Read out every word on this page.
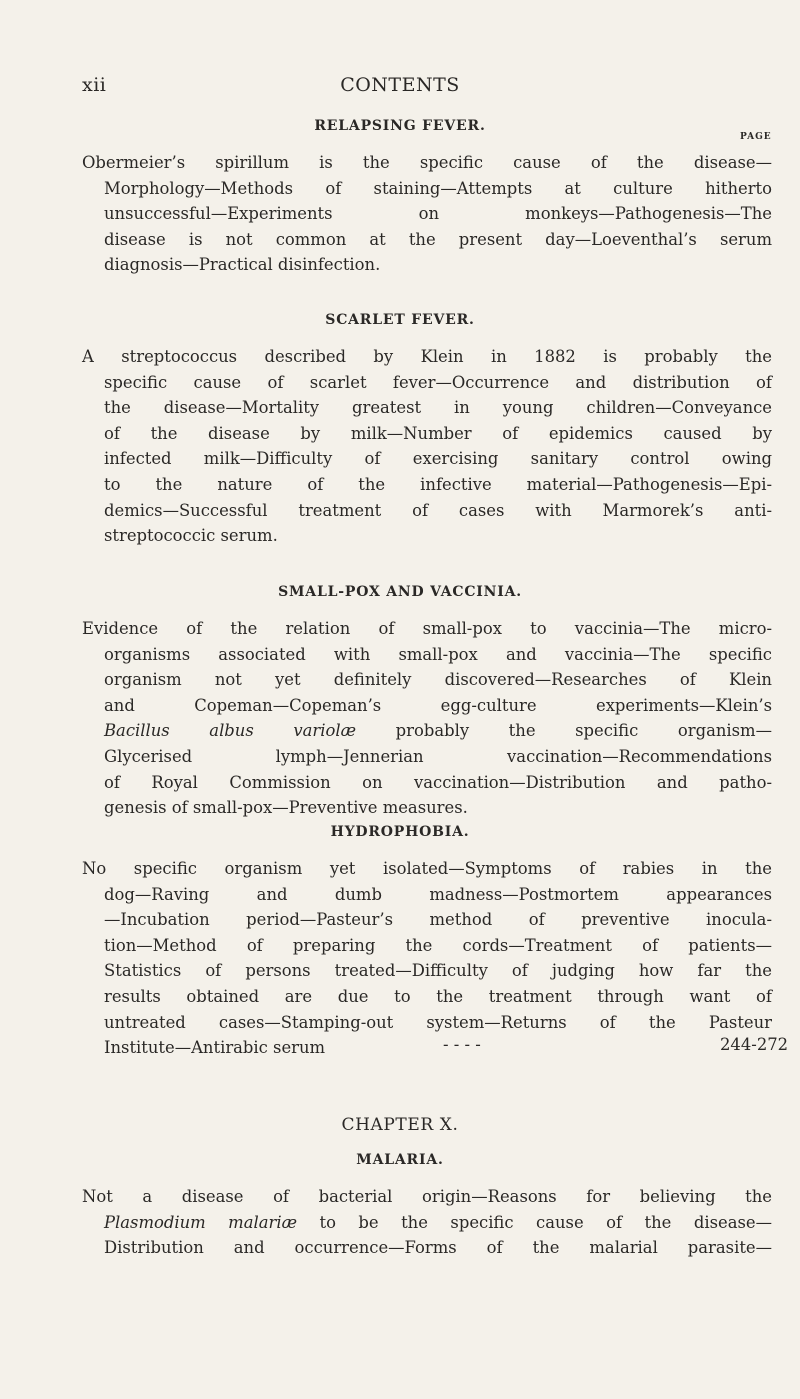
xii	CONTENTS
RELAPSING FEVER.
PAGE
Obermeier’s spirillum is the specific cause of the disease—
Morphology—Methods of staining—Attempts at culture hitherto
unsuccessful—Experiments on monkeys—Pathogenesis—The
disease is not common at the present day—Loeventhal’s serum
diagnosis—Practical disinfection.
SCARLET FEVER.
A streptococcus described by Klein in 1882 is probably the
specific cause of scarlet fever—Occurrence and distribution of
the disease—Mortality greatest in young children—Conveyance
of the disease by milk—Number of epidemics caused by
infected milk—Difficulty of exercising sanitary control owing
to the nature of the infective material—Pathogenesis—Epi-
demics—Successful treatment of cases with Marmorek’s anti-
streptococcic serum.
SMALL-POX AND VACCINIA.
Evidence of the relation of small-pox to vaccinia—The micro-
organisms associated with small-pox and vaccinia—The specific
organism not yet definitely discovered—Researches of Klein
and Copeman—Copeman’s egg-culture experiments—Klein’s
Bacillus albus variolæ probably the specific organism—
Glycerised lymph—Jennerian vaccination—Recommendations
of Royal Commission on vaccination—Distribution and patho-
genesis of small-pox—Preventive measures.
HYDROPHOBIA.
No specific organism yet isolated—Symptoms of rabies in the
dog—Raving and dumb madness—Postmortem appearances
—Incubation period—Pasteur’s method of preventive inocula-
tion—Method of preparing the cords—Treatment of patients—
Statistics of persons treated—Difficulty of judging how far the
results obtained are due to the treatment through want of
untreated cases—Stamping-out system—Returns of the Pasteur
Institute—Antirabic serum	- - - -	244-272
CHAPTER X.
MALARIA.
Not a disease of bacterial origin—Reasons for believing the
Plasmodium malariæ to be the specific cause of the disease—
Distribution and occurrence—Forms of the malarial parasite—
